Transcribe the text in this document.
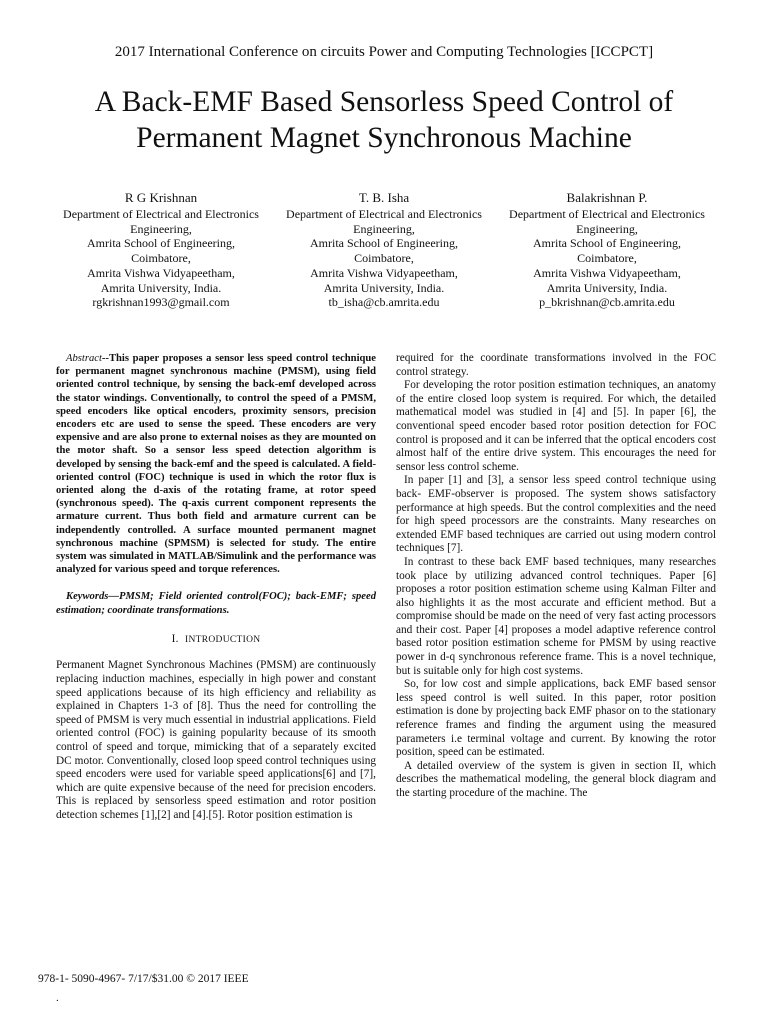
2017 International Conference on circuits Power and Computing Technologies [ICCPCT]
A Back-EMF Based Sensorless Speed Control of
Permanent Magnet Synchronous Machine
R G Krishnan
Department of Electrical and Electronics
Engineering,
Amrita School of Engineering,
Coimbatore,
Amrita Vishwa Vidyapeetham,
Amrita University, India.
rgkrishnan1993@gmail.com
T. B. Isha
Department of Electrical and Electronics
Engineering,
Amrita School of Engineering,
Coimbatore,
Amrita Vishwa Vidyapeetham,
Amrita University, India.
tb_isha@cb.amrita.edu
Balakrishnan P.
Department of Electrical and Electronics
Engineering,
Amrita School of Engineering,
Coimbatore,
Amrita Vishwa Vidyapeetham,
Amrita University, India.
p_bkrishnan@cb.amrita.edu

Abstract--This paper proposes a sensor less speed control technique for permanent magnet synchronous machine (PMSM), using field oriented control technique, by sensing the back-emf developed across the stator windings. Conventionally, to control the speed of a PMSM, speed encoders like optical encoders, proximity sensors, precision encoders etc are used to sense the speed. These encoders are very expensive and are also prone to external noises as they are mounted on the motor shaft. So a sensor less speed detection algorithm is developed by sensing the back-emf and the speed is calculated. A field-oriented control (FOC) technique is used in which the rotor flux is oriented along the d-axis of the rotating frame, at rotor speed (synchronous speed). The q-axis current component represents the armature current. Thus both field and armature current can be independently controlled. A surface mounted permanent magnet synchronous machine (SPMSM) is selected for study. The entire system was simulated in MATLAB/Simulink and the performance was analyzed for various speed and torque references.

Keywords—PMSM; Field oriented control(FOC); back-EMF; speed estimation; coordinate transformations.

I. INTRODUCTION

Permanent Magnet Synchronous Machines (PMSM) are continuously replacing induction machines, especially in high power and constant speed applications because of its high efficiency and reliability as explained in Chapters 1-3 of [8]. Thus the need for controlling the speed of PMSM is very much essential in industrial applications. Field oriented control (FOC) is gaining popularity because of its smooth control of speed and torque, mimicking that of a separately excited DC motor. Conventionally, closed loop speed control techniques using speed encoders were used for variable speed applications[6] and [7], which are quite expensive because of the need for precision encoders. This is replaced by sensorless speed estimation and rotor position detection schemes [1],[2] and [4].[5]. Rotor position estimation is

required for the coordinate transformations involved in the FOC control strategy.

For developing the rotor position estimation techniques, an anatomy of the entire closed loop system is required. For which, the detailed mathematical model was studied in [4] and [5]. In paper [6], the conventional speed encoder based rotor position detection for FOC control is proposed and it can be inferred that the optical encoders cost almost half of the entire drive system. This encourages the need for sensor less control scheme.

In paper [1] and [3], a sensor less speed control technique using back- EMF-observer is proposed. The system shows satisfactory performance at high speeds. But the control complexities and the need for high speed processors are the constraints. Many researches on extended EMF based techniques are carried out using modern control techniques [7].

In contrast to these back EMF based techniques, many researches took place by utilizing advanced control techniques. Paper [6] proposes a rotor position estimation scheme using Kalman Filter and also highlights it as the most accurate and efficient method. But a compromise should be made on the need of very fast acting processors and their cost. Paper [4] proposes a model adaptive reference control based rotor position estimation scheme for PMSM by using reactive power in d-q synchronous reference frame. This is a novel technique, but is suitable only for high cost systems.

So, for low cost and simple applications, back EMF based sensor less speed control is well suited. In this paper, rotor position estimation is done by projecting back EMF phasor on to the stationary reference frames and finding the argument using the measured parameters i.e terminal voltage and current. By knowing the rotor position, speed can be estimated.

A detailed overview of the system is given in section II, which describes the mathematical modeling, the general block diagram and the starting procedure of the machine. The

978-1- 5090-4967- 7/17/$31.00 © 2017 IEEE
.
